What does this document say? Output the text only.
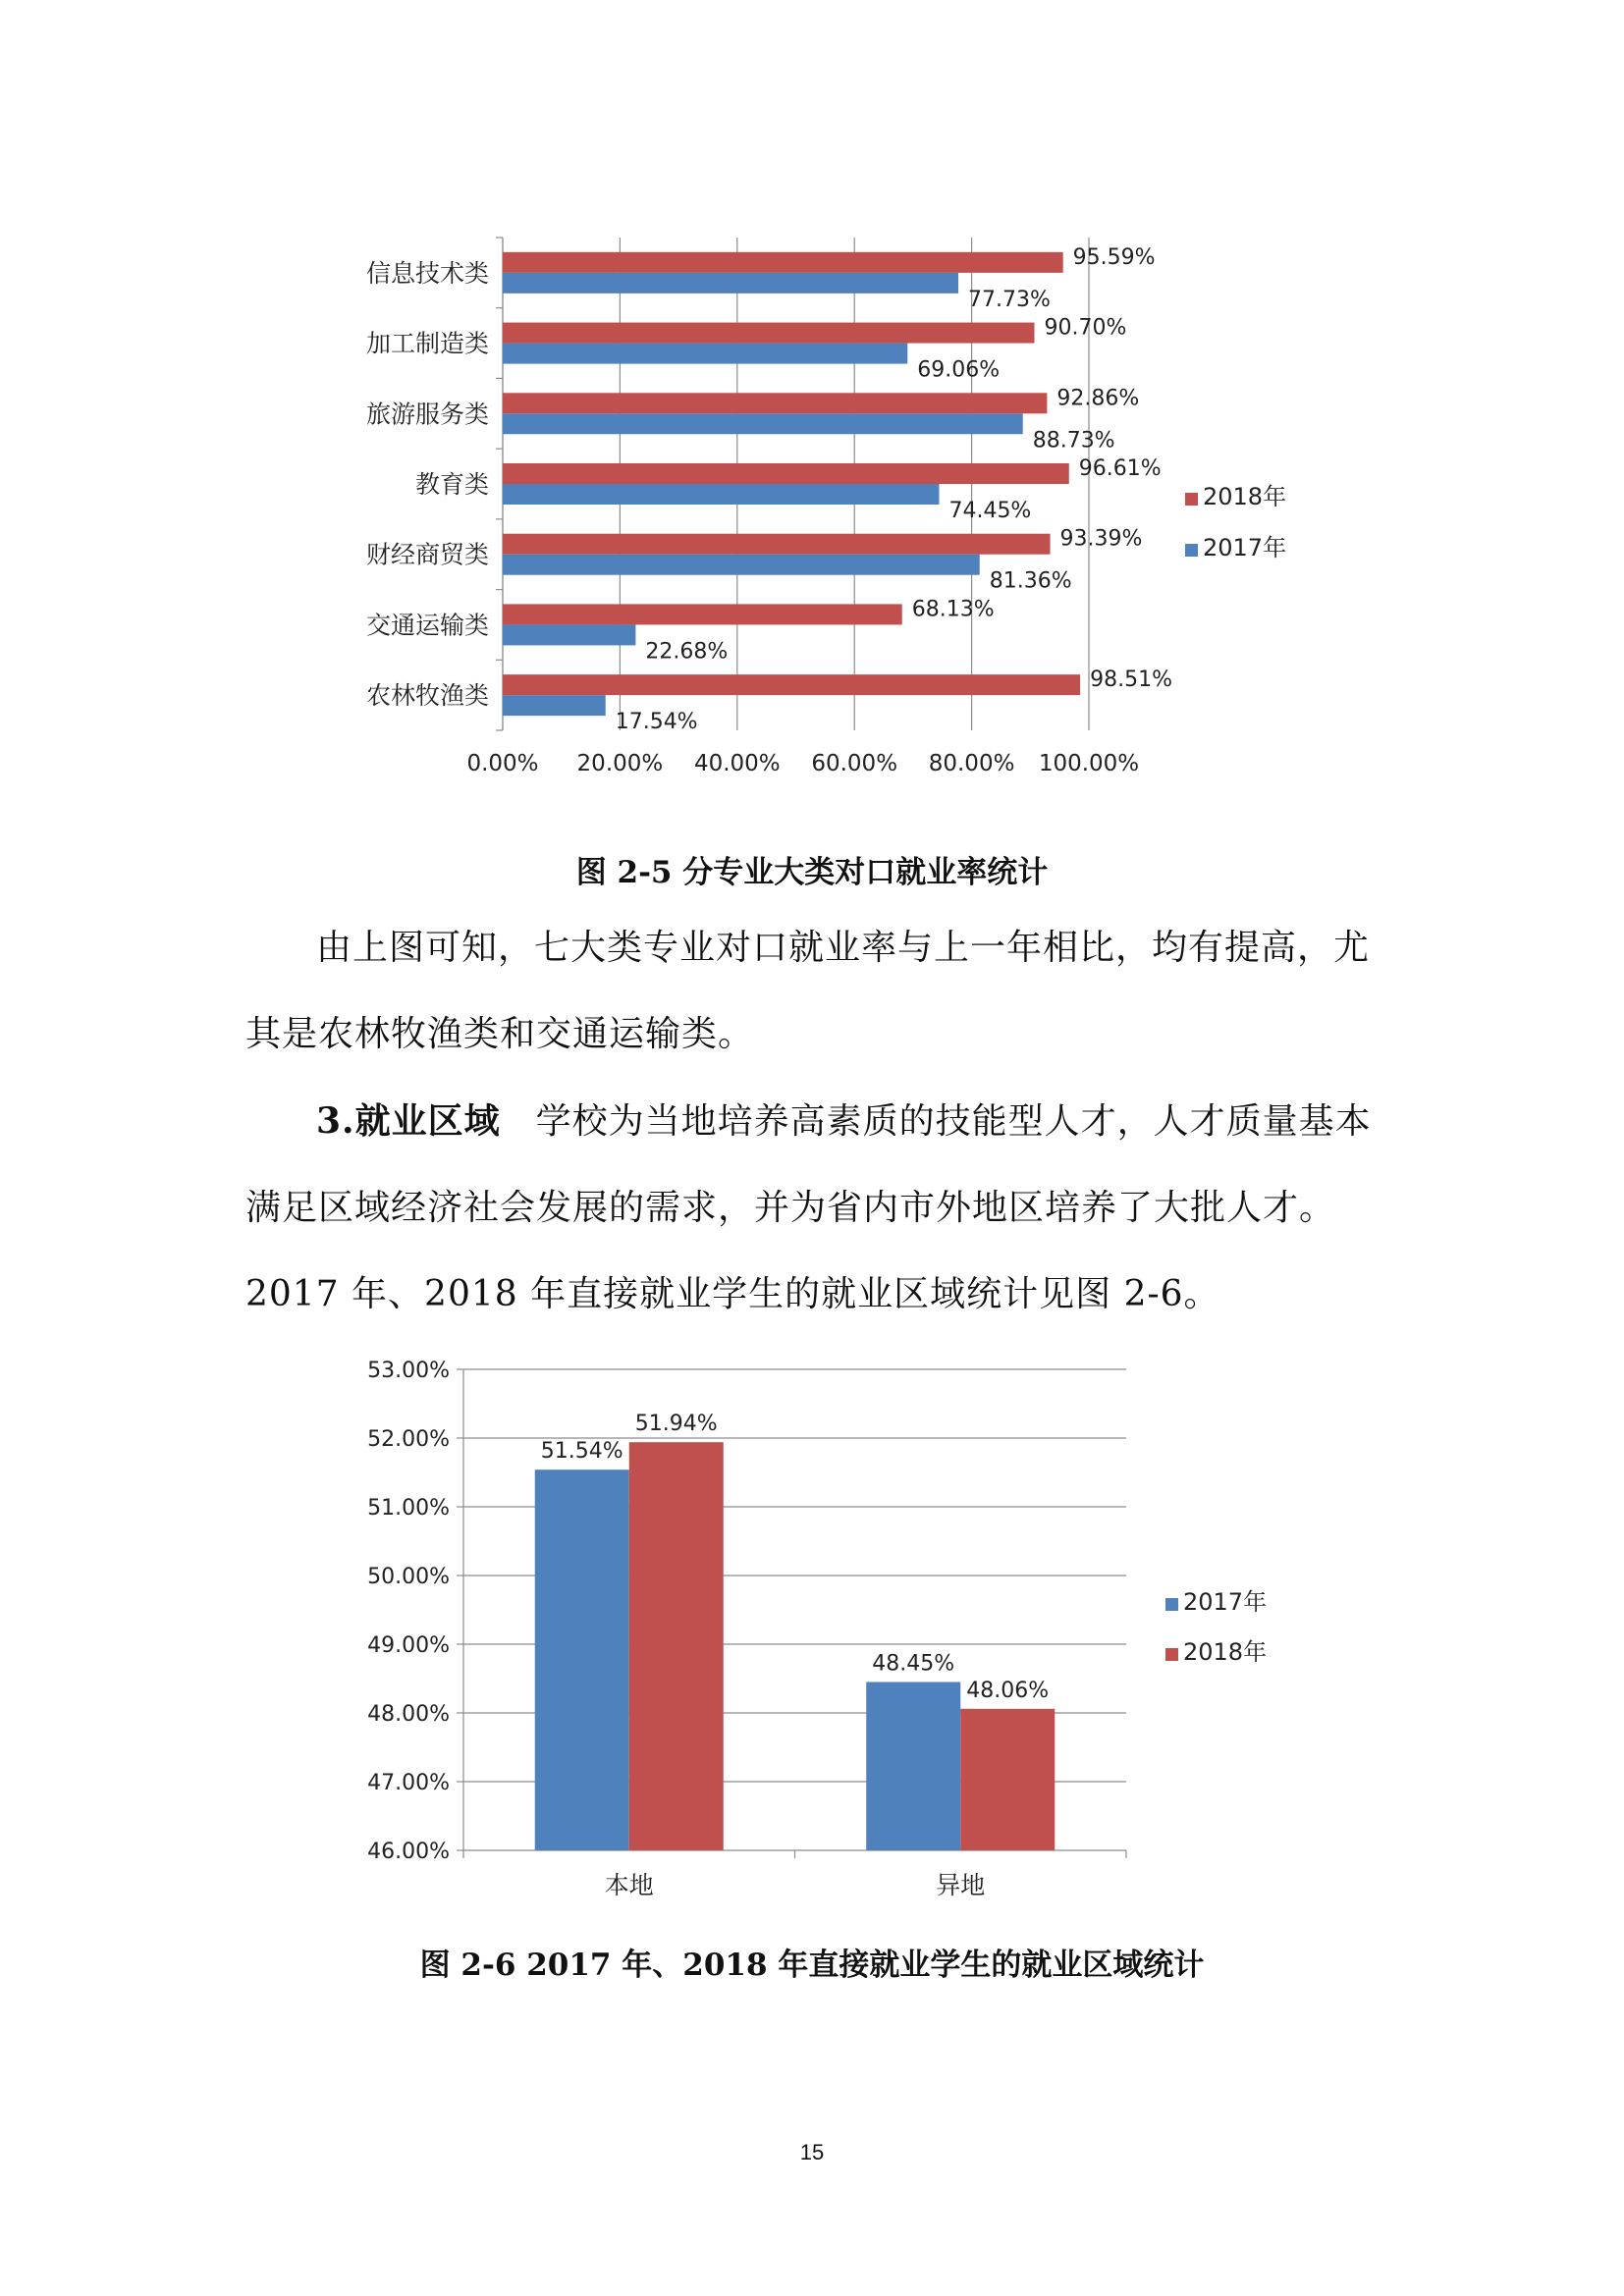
信息技术类
95.59%
77.73%
加工制造类
90.70%
69.06%
旅游服务类
92.86%
88.73%
教育类
96.61%
74.45%
财经商贸类
93.39%
81.36%
交通运输类
68.13%
22.68%
农林牧渔类
98.51%
17.54%
0.00% 20.00% 40.00% 60.00% 80.00% 100.00%
2018年
2017年

图 2-5 分专业大类对口就业率统计

由上图可知，七大类专业对口就业率与上一年相比，均有提高，尤其是农林牧渔类和交通运输类。

3.就业区域 学校为当地培养高素质的技能型人才，人才质量基本满足区域经济社会发展的需求，并为省内市外地区培养了大批人才。2017 年、2018 年直接就业学生的就业区域统计见图 2-6。

46.00%
47.00%
48.00%
49.00%
50.00%
51.00%
52.00%
53.00%
本地
51.54%
51.94%
异地
48.45%
48.06%
2017年
2018年

图 2-6 2017 年、2018 年直接就业学生的就业区域统计

15
